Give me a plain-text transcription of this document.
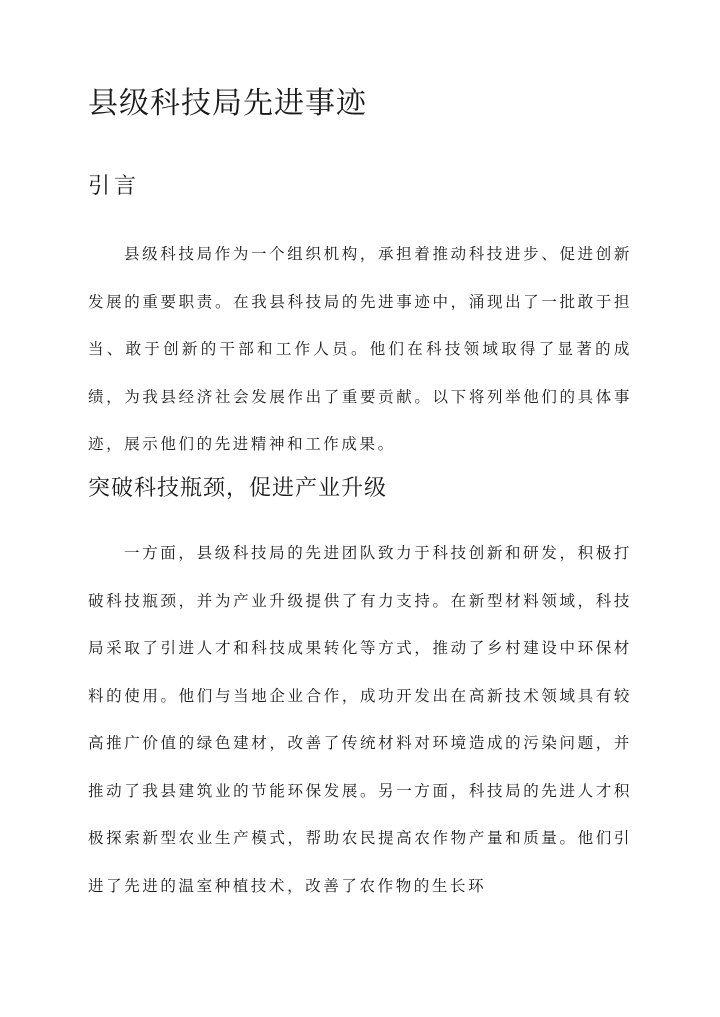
县级科技局先进事迹
引言

县级科技局作为一个组织机构，承担着推动科技进步、促进创新发展的重要职责。在我县科技局的先进事迹中，涌现出了一批敢于担当、敢于创新的干部和工作人员。他们在科技领域取得了显著的成绩，为我县经济社会发展作出了重要贡献。以下将列举他们的具体事迹，展示他们的先进精神和工作成果。

突破科技瓶颈，促进产业升级

一方面，县级科技局的先进团队致力于科技创新和研发，积极打破科技瓶颈，并为产业升级提供了有力支持。在新型材料领域，科技局采取了引进人才和科技成果转化等方式，推动了乡村建设中环保材料的使用。他们与当地企业合作，成功开发出在高新技术领域具有较高推广价值的绿色建材，改善了传统材料对环境造成的污染问题，并推动了我县建筑业的节能环保发展。另一方面，科技局的先进人才积极探索新型农业生产模式，帮助农民提高农作物产量和质量。他们引进了先进的温室种植技术，改善了农作物的生长环
